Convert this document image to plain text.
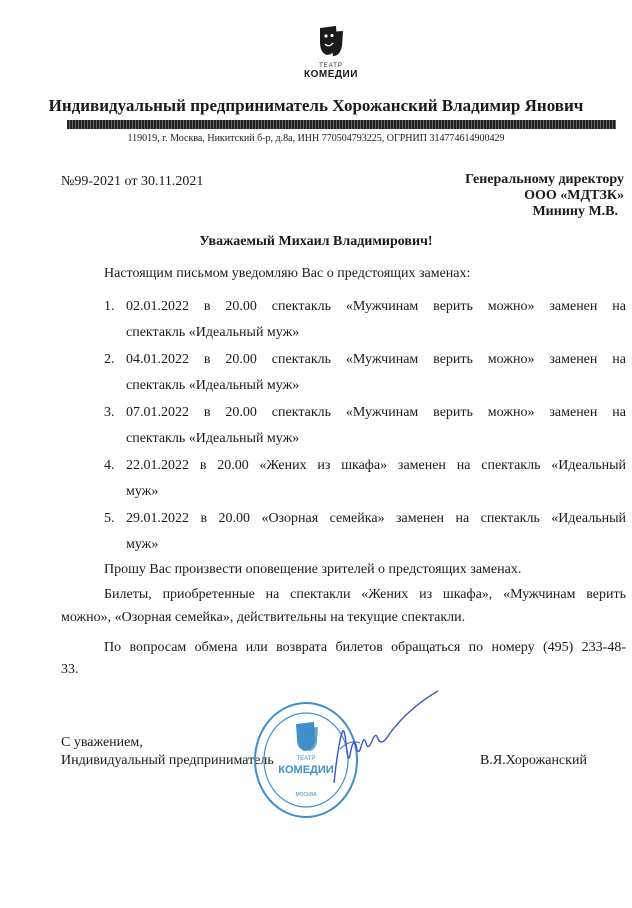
ТЕАТР
КОМЕДИИ
Индивидуальный предприниматель Хорожанский Владимир Янович
119019, г. Москва, Никитский б-р, д.8а, ИНН 770504793225, ОГРНИП 314774614900429
№99-2021 от 30.11.2021	Генеральному директору
ООО «МДТЗК»
Минину М.В.
Уважаемый Михаил Владимирович!
Настоящим письмом уведомляю Вас о предстоящих заменах:
1. 02.01.2022 в 20.00 спектакль «Мужчинам верить можно» заменен на
спектакль «Идеальный муж»
2. 04.01.2022 в 20.00 спектакль «Мужчинам верить можно» заменен на
спектакль «Идеальный муж»
3. 07.01.2022 в 20.00 спектакль «Мужчинам верить можно» заменен на
спектакль «Идеальный муж»
4. 22.01.2022 в 20.00 «Жених из шкафа» заменен на спектакль «Идеальный
муж»
5. 29.01.2022 в 20.00 «Озорная семейка» заменен на спектакль «Идеальный
муж»
Прошу Вас произвести оповещение зрителей о предстоящих заменах.
Билеты, приобретенные на спектакли «Жених из шкафа», «Мужчинам верить
можно», «Озорная семейка», действительны на текущие спектакли.
По вопросам обмена или возврата билетов обращаться по номеру (495) 233-48-
33.
С уважением,
Индивидуальный предприниматель	В.Я.Хорожанский
ТЕАТР
КОМЕДИИ
МОСКВА
